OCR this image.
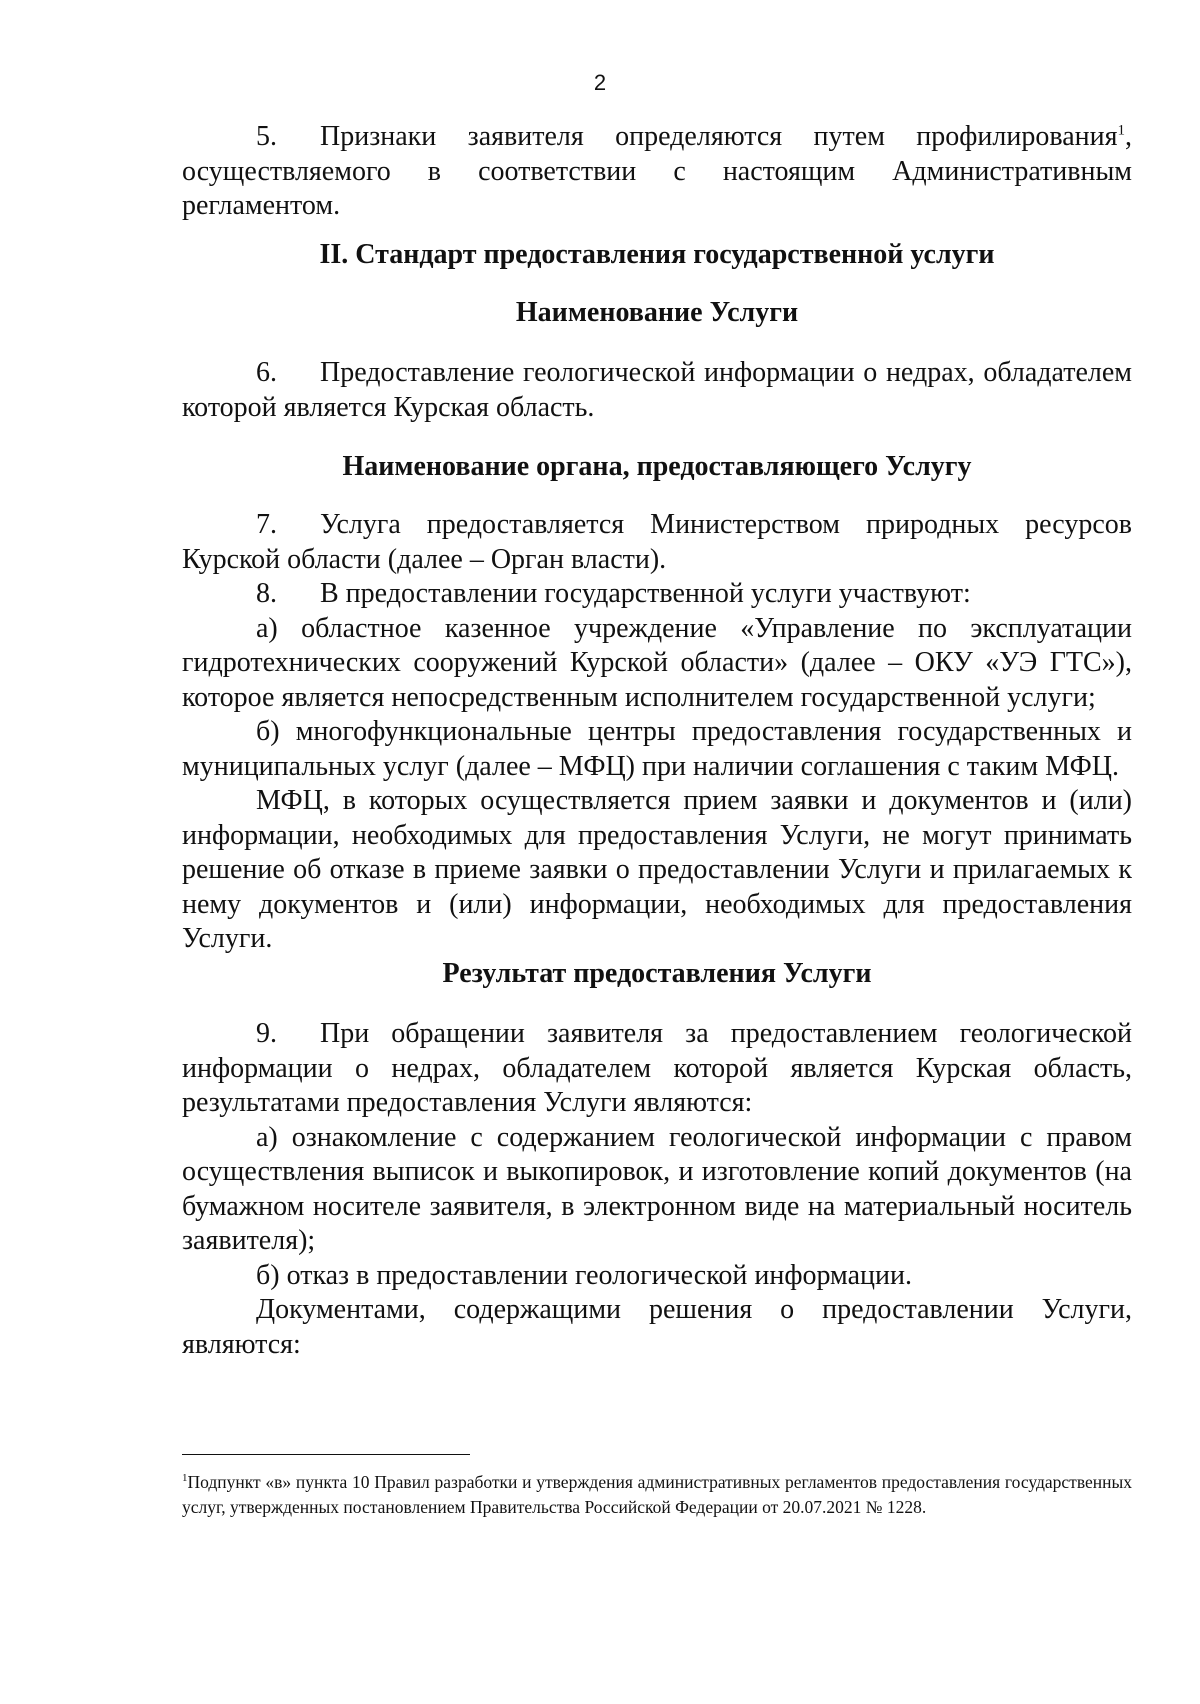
2

5. Признаки заявителя определяются путем профилирования$^1$, осуществляемого в соответствии с настоящим Административным регламентом.

II. Стандарт предоставления государственной услуги
Наименование Услуги

6. Предоставление геологической информации о недрах, обладателем которой является Курская область.

Наименование органа, предоставляющего Услугу

7. Услуга предоставляется Министерством природных ресурсов Курской области (далее – Орган власти).

8. В предоставлении государственной услуги участвуют:

а) областное казенное учреждение «Управление по эксплуатации гидротехнических сооружений Курской области» (далее – ОКУ «УЭ ГТС»), которое является непосредственным исполнителем государственной услуги;

б) многофункциональные центры предоставления государственных и муниципальных услуг (далее – МФЦ) при наличии соглашения с таким МФЦ.

МФЦ, в которых осуществляется прием заявки и документов и (или) информации, необходимых для предоставления Услуги, не могут принимать решение об отказе в приеме заявки о предоставлении Услуги и прилагаемых к нему документов и (или) информации, необходимых для предоставления Услуги.

Результат предоставления Услуги

9. При обращении заявителя за предоставлением геологической информации о недрах, обладателем которой является Курская область, результатами предоставления Услуги являются:

а) ознакомление с содержанием геологической информации с правом осуществления выписок и выкопировок, и изготовление копий документов (на бумажном носителе заявителя, в электронном виде на материальный носитель заявителя);

б) отказ в предоставлении геологической информации.

Документами, содержащими решения о предоставлении Услуги, являются:

$^1$Подпункт «в» пункта 10 Правил разработки и утверждения административных регламентов предоставления государственных услуг, утвержденных постановлением Правительства Российской Федерации от 20.07.2021 № 1228.
